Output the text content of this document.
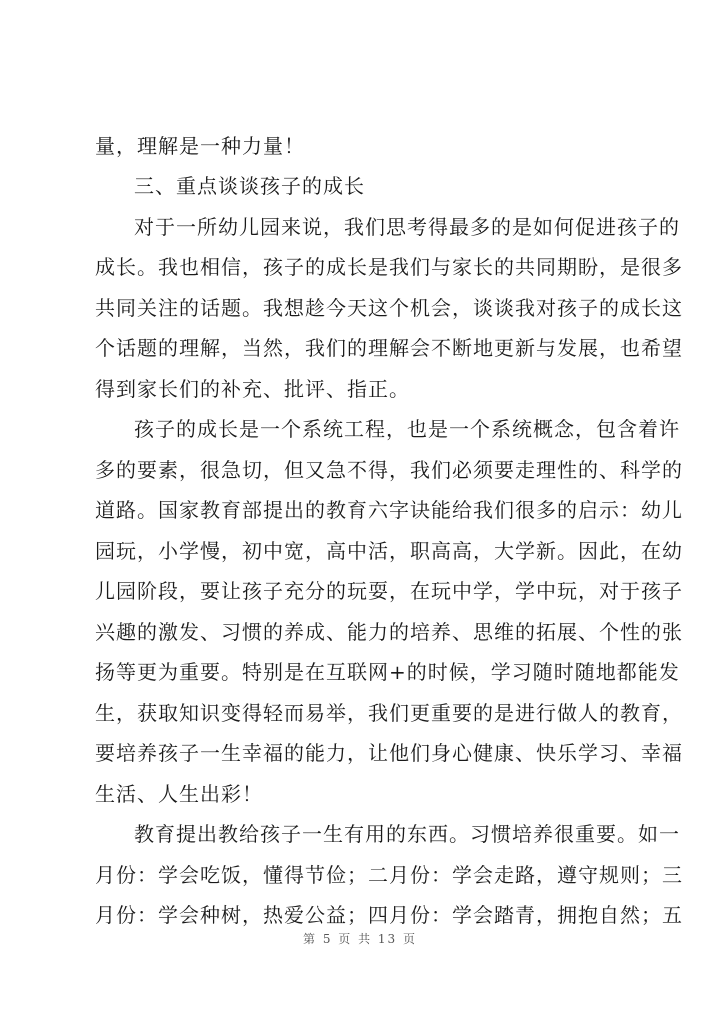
量，理解是一种力量！
三、重点谈谈孩子的成长
对于一所幼儿园来说，我们思考得最多的是如何促进孩子的
成长。我也相信，孩子的成长是我们与家长的共同期盼，是很多
共同关注的话题。我想趁今天这个机会，谈谈我对孩子的成长这
个话题的理解，当然，我们的理解会不断地更新与发展，也希望
得到家长们的补充、批评、指正。
孩子的成长是一个系统工程，也是一个系统概念，包含着许
多的要素，很急切，但又急不得，我们必须要走理性的、科学的
道路。国家教育部提出的教育六字诀能给我们很多的启示：幼儿
园玩，小学慢，初中宽，高中活，职高高，大学新。因此，在幼
儿园阶段，要让孩子充分的玩耍，在玩中学，学中玩，对于孩子
兴趣的激发、习惯的养成、能力的培养、思维的拓展、个性的张
扬等更为重要。特别是在互联网+的时候，学习随时随地都能发
生，获取知识变得轻而易举，我们更重要的是进行做人的教育，
要培养孩子一生幸福的能力，让他们身心健康、快乐学习、幸福
生活、人生出彩！
教育提出教给孩子一生有用的东西。习惯培养很重要。如一
月份：学会吃饭，懂得节俭；二月份：学会走路，遵守规则；三
月份：学会种树，热爱公益；四月份：学会踏青，拥抱自然；五
第 5 页 共 13 页
